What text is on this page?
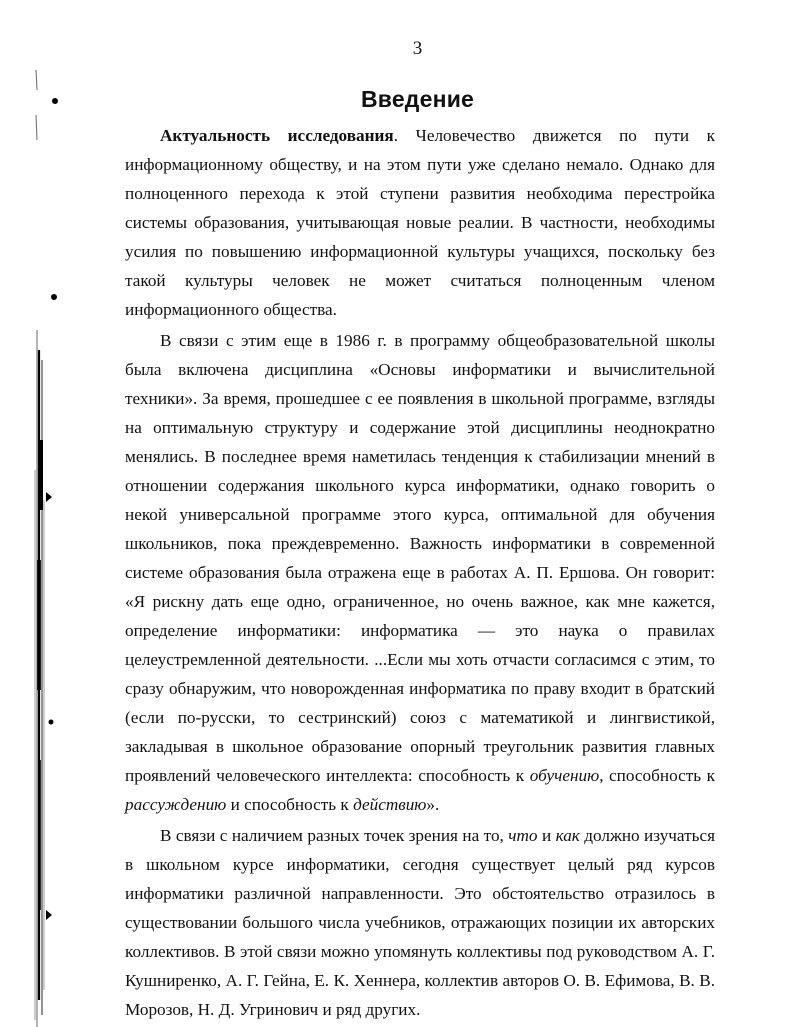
3
Введение

Актуальность исследования. Человечество движется по пути к информационному обществу, и на этом пути уже сделано немало. Однако для полноценного перехода к этой ступени развития необходима перестройка системы образования, учитывающая новые реалии. В частности, необходимы усилия по повышению информационной культуры учащихся, поскольку без такой культуры человек не может считаться полноценным членом информационного общества.

В связи с этим еще в 1986 г. в программу общеобразовательной школы была включена дисциплина «Основы информатики и вычислительной техники». За время, прошедшее с ее появления в школьной программе, взгляды на оптимальную структуру и содержание этой дисциплины неоднократно менялись. В последнее время наметилась тенденция к стабилизации мнений в отношении содержания школьного курса информатики, однако говорить о некой универсальной программе этого курса, оптимальной для обучения школьников, пока преждевременно. Важность информатики в современной системе образования была отражена еще в работах А. П. Ершова. Он говорит: «Я рискну дать еще одно, ограниченное, но очень важное, как мне кажется, определение информатики: информатика — это наука о правилах целеустремленной деятельности. ...Если мы хоть отчасти согласимся с этим, то сразу обнаружим, что новорожденная информатика по праву входит в братский (если по-русски, то сестринский) союз с математикой и лингвистикой, закладывая в школьное образование опорный треугольник развития главных проявлений человеческого интеллекта: способность к обучению, способность к рассуждению и способность к действию».

В связи с наличием разных точек зрения на то, что и как должно изучаться в школьном курсе информатики, сегодня существует целый ряд курсов информатики различной направленности. Это обстоятельство отразилось в существовании большого числа учебников, отражающих позиции их авторских коллективов. В этой связи можно упомянуть коллективы под руководством А. Г. Кушниренко, А. Г. Гейна, Е. К. Хеннера, коллектив авторов О. В. Ефимова, В. В. Морозов, Н. Д. Угринович и ряд других.
